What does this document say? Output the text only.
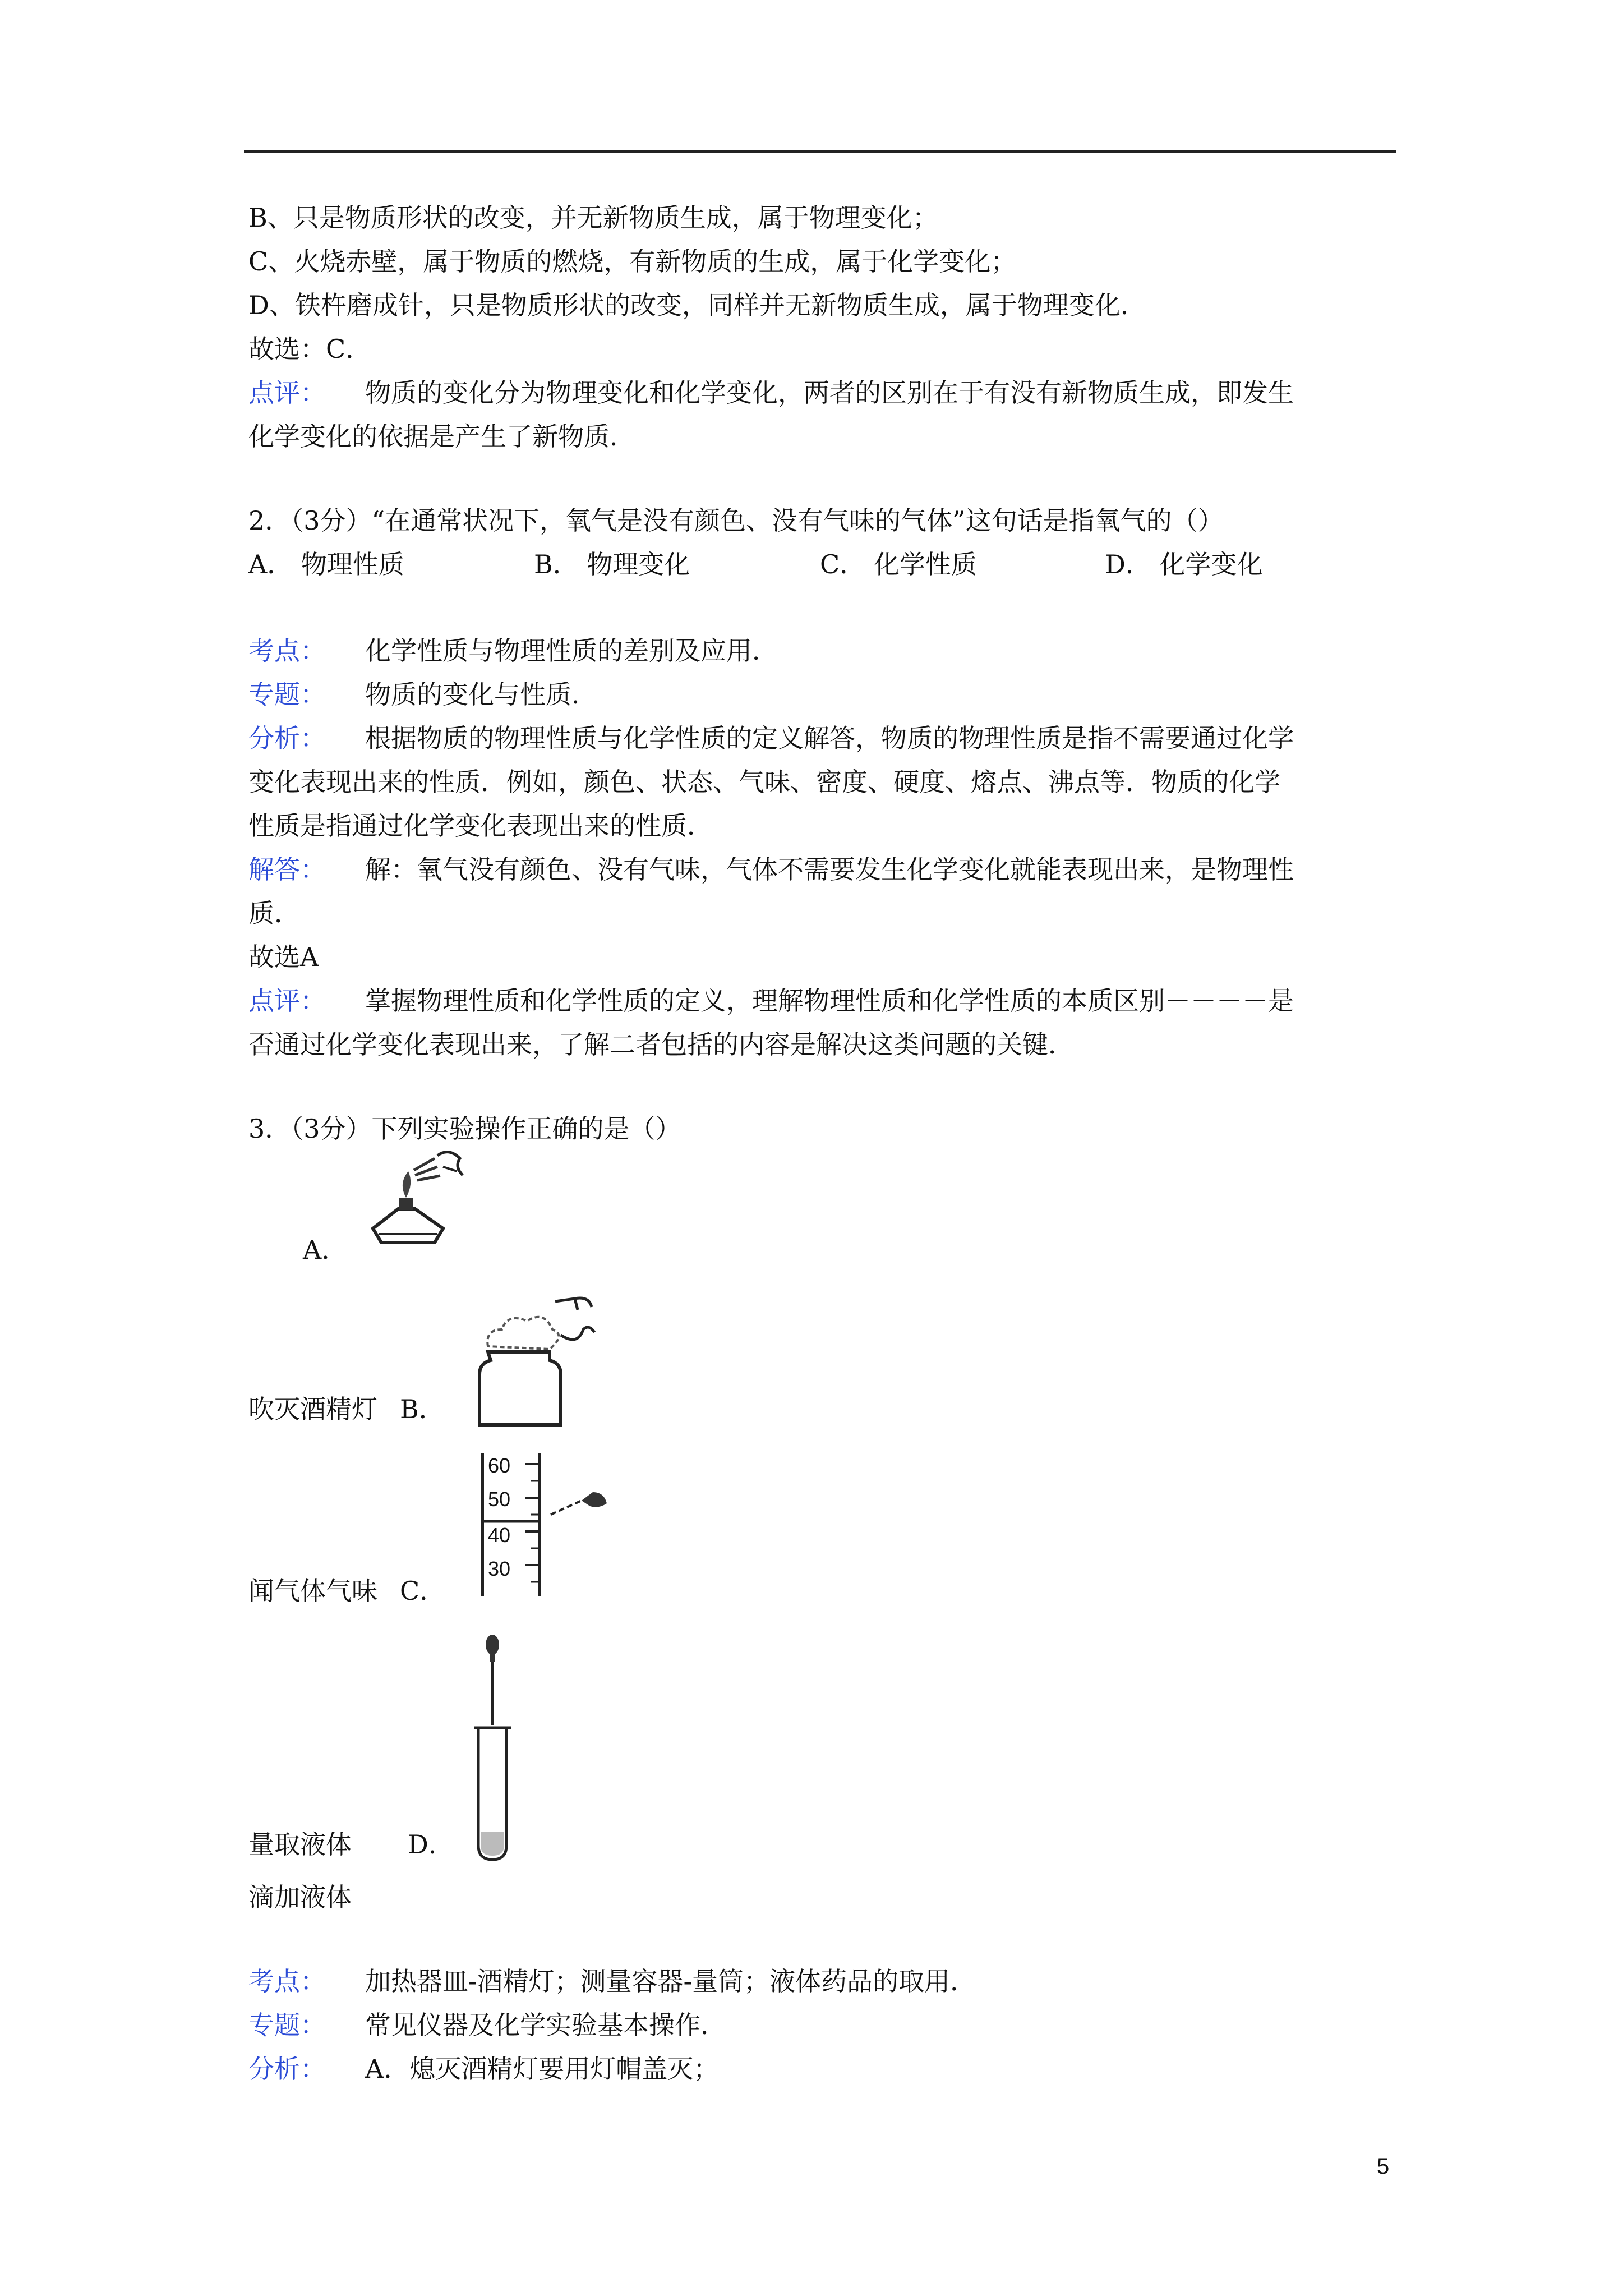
B、只是物质形状的改变，并无新物质生成，属于物理变化；
C、火烧赤壁，属于物质的燃烧，有新物质的生成，属于化学变化；
D、铁杵磨成针，只是物质形状的改变，同样并无新物质生成，属于物理变化．
故选：C．
点评： 物质的变化分为物理变化和化学变化，两者的区别在于有没有新物质生成，即发生
化学变化的依据是产生了新物质．
2．（3分）“在通常状况下，氧气是没有颜色、没有气味的气体”这句话是指氧气的（）
A． 物理性质	B． 物理变化	C． 化学性质	D． 化学变化
考点： 化学性质与物理性质的差别及应用．
专题： 物质的变化与性质．
分析： 根据物质的物理性质与化学性质的定义解答，物质的物理性质是指不需要通过化学
变化表现出来的性质．例如，颜色、状态、气味、密度、硬度、熔点、沸点等．物质的化学
性质是指通过化学变化表现出来的性质．
解答： 解：氧气没有颜色、没有气味，气体不需要发生化学变化就能表现出来，是物理性
质．
故选A
点评： 掌握物理性质和化学性质的定义，理解物理性质和化学性质的本质区别－－－－是
否通过化学变化表现出来，了解二者包括的内容是解决这类问题的关键．
3．（3分）下列实验操作正确的是（）
A．
吹灭酒精灯 B．
60
50
40
30
闻气体气味 C．
量取液体 D．
滴加液体
考点： 加热器皿-酒精灯；测量容器-量筒；液体药品的取用．
专题： 常见仪器及化学实验基本操作．
分析： A．熄灭酒精灯要用灯帽盖灭；
5
